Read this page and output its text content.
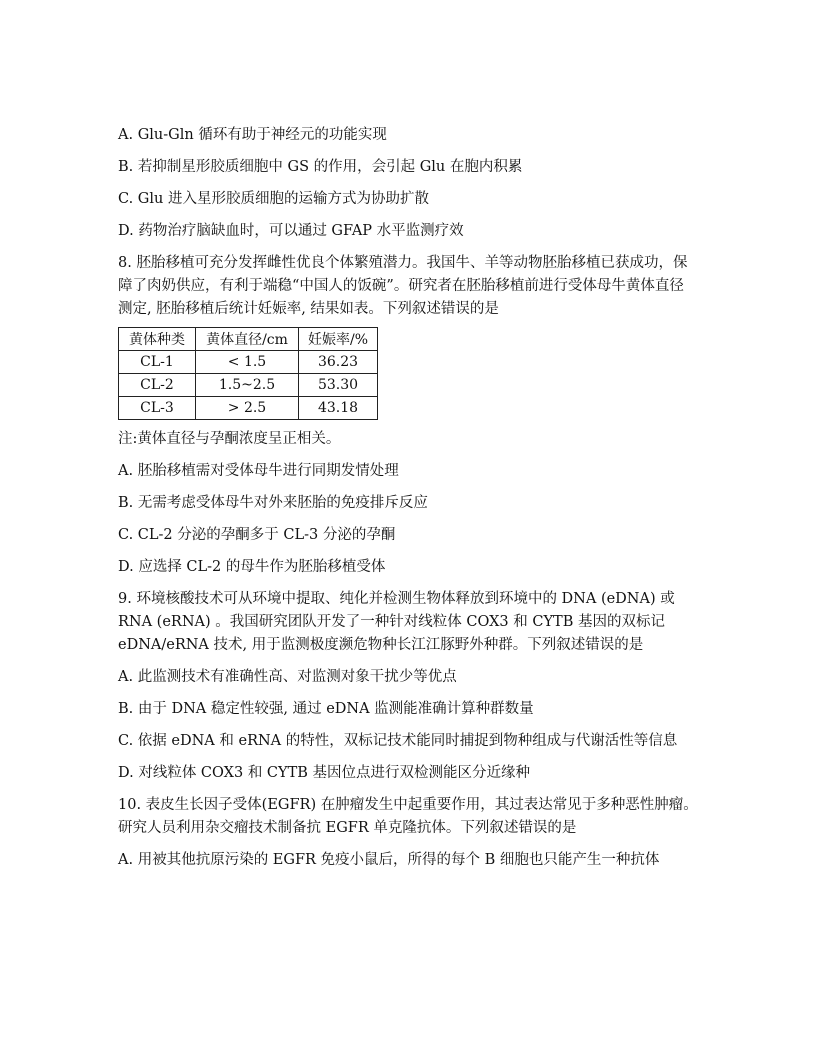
A. Glu-Gln 循环有助于神经元的功能实现

B. 若抑制星形胶质细胞中 GS 的作用，会引起 Glu 在胞内积累

C. Glu 进入星形胶质细胞的运输方式为协助扩散

D. 药物治疗脑缺血时，可以通过 GFAP 水平监测疗效

8. 胚胎移植可充分发挥雌性优良个体繁殖潜力。我国牛、羊等动物胚胎移植已获成功，保障了肉奶供应，有利于端稳“中国人的饭碗”。研究者在胚胎移植前进行受体母牛黄体直径测定, 胚胎移植后统计妊娠率, 结果如表。下列叙述错误的是

黄体种类	黄体直径/cm	妊娠率/%
CL-1	< 1.5	36.23
CL-2	1.5~2.5	53.30
CL-3	> 2.5	43.18

注:黄体直径与孕酮浓度呈正相关。

A. 胚胎移植需对受体母牛进行同期发情处理

B. 无需考虑受体母牛对外来胚胎的免疫排斥反应

C. CL-2 分泌的孕酮多于 CL-3 分泌的孕酮

D. 应选择 CL-2 的母牛作为胚胎移植受体

9. 环境核酸技术可从环境中提取、纯化并检测生物体释放到环境中的 DNA (eDNA) 或 RNA (eRNA) 。我国研究团队开发了一种针对线粒体 COX3 和 CYTB 基因的双标记 eDNA/eRNA 技术, 用于监测极度濒危物种长江江豚野外种群。下列叙述错误的是

A. 此监测技术有准确性高、对监测对象干扰少等优点

B. 由于 DNA 稳定性较强, 通过 eDNA 监测能准确计算种群数量

C. 依据 eDNA 和 eRNA 的特性，双标记技术能同时捕捉到物种组成与代谢活性等信息

D. 对线粒体 COX3 和 CYTB 基因位点进行双检测能区分近缘种

10. 表皮生长因子受体(EGFR) 在肿瘤发生中起重要作用，其过表达常见于多种恶性肿瘤。 研究人员利用杂交瘤技术制备抗 EGFR 单克隆抗体。下列叙述错误的是

A. 用被其他抗原污染的 EGFR 免疫小鼠后，所得的每个 B 细胞也只能产生一种抗体
